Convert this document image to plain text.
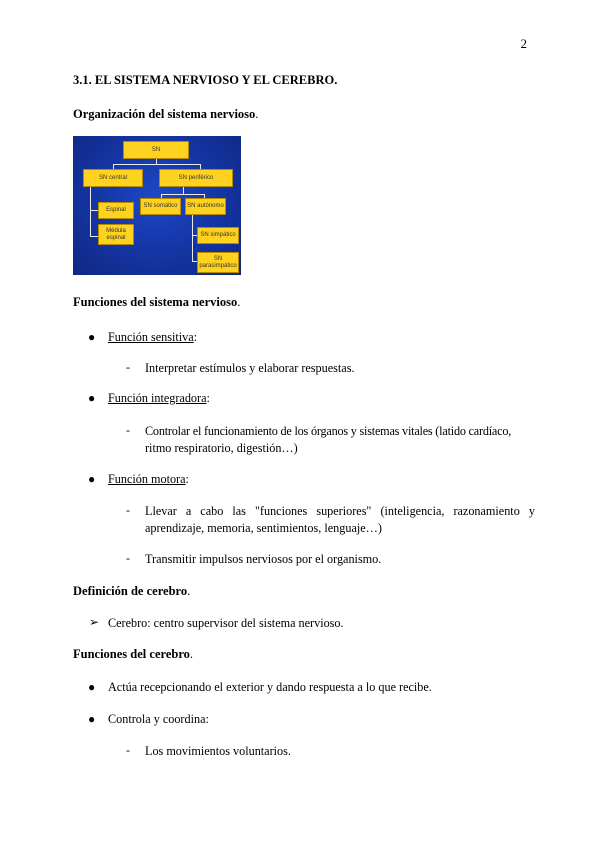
2
3.1. EL SISTEMA NERVIOSO Y EL CEREBRO.
Organización del sistema nervioso.
SN
SN central	SN periférico
Espinal
Médula espinal
SN somático	SN autónomo
SN simpático
SN parasimpático
Funciones del sistema nervioso.
● Función sensitiva:
- Interpretar estímulos y elaborar respuestas.
● Función integradora:
- Controlar el funcionamiento de los órganos y sistemas vitales (latido cardíaco,
ritmo respiratorio, digestión…)
● Función motora:
- Llevar a cabo las "funciones superiores" (inteligencia, razonamiento y
aprendizaje, memoria, sentimientos, lenguaje…)
- Transmitir impulsos nerviosos por el organismo.
Definición de cerebro.
➢ Cerebro: centro supervisor del sistema nervioso.
Funciones del cerebro.
● Actúa recepcionando el exterior y dando respuesta a lo que recibe.
● Controla y coordina:
- Los movimientos voluntarios.
